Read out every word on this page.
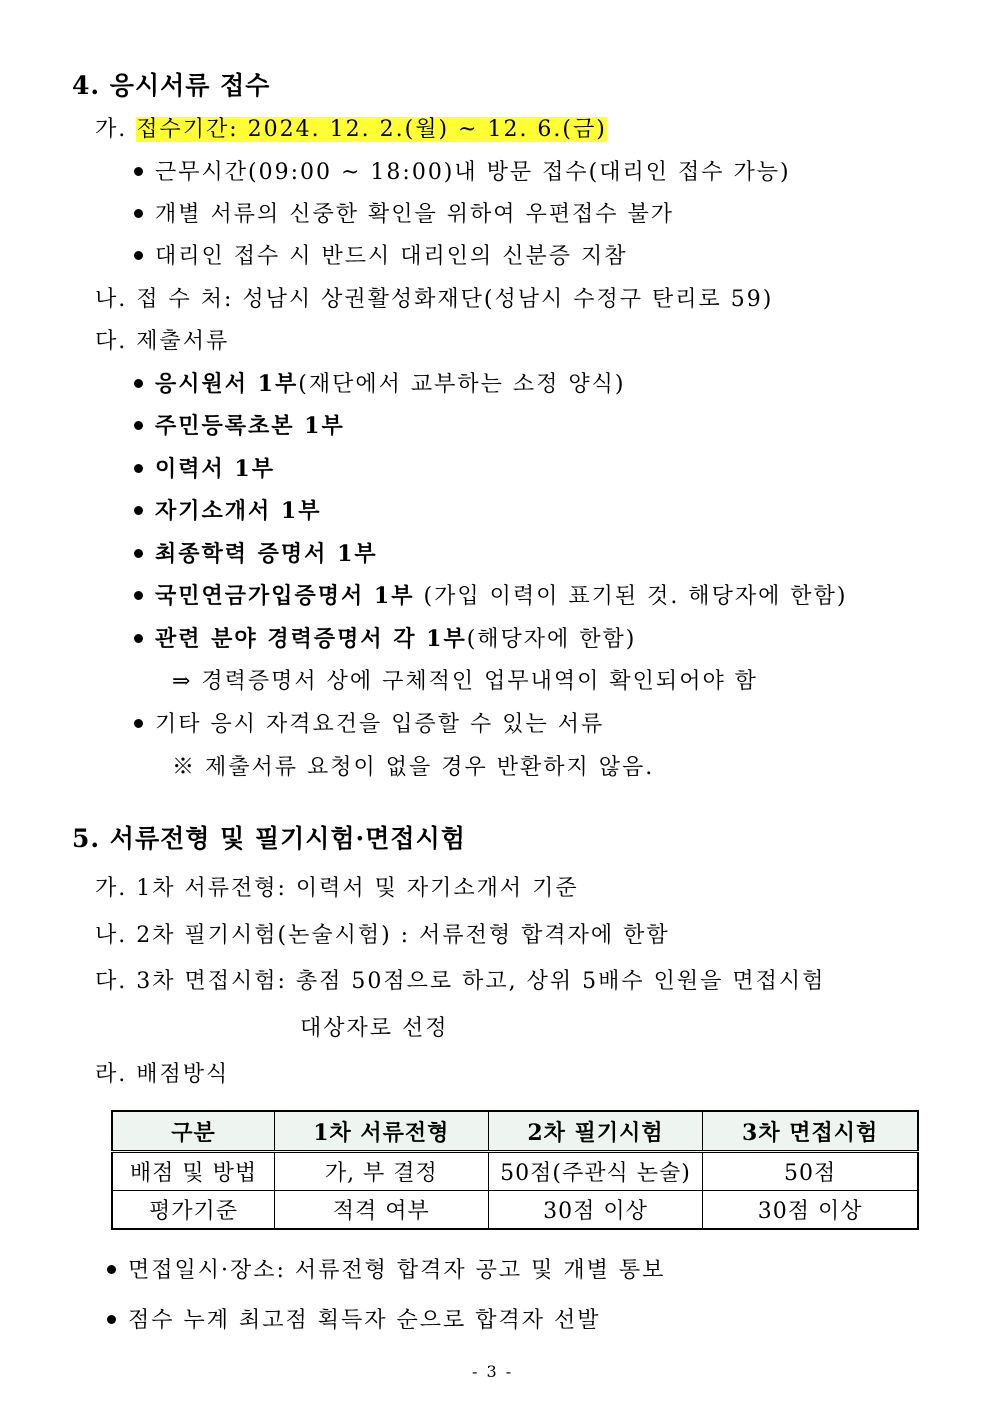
4. 응시서류 접수
가. 접수기간: 2024. 12. 2.(월) ~ 12. 6.(금)
근무시간(09:00 ~ 18:00)내 방문 접수(대리인 접수 가능)
개별 서류의 신중한 확인을 위하여 우편접수 불가
대리인 접수 시 반드시 대리인의 신분증 지참
나. 접 수 처: 성남시 상권활성화재단(성남시 수정구 탄리로 59)
다. 제출서류
응시원서 1부(재단에서 교부하는 소정 양식)
주민등록초본 1부
이력서 1부
자기소개서 1부
최종학력 증명서 1부
국민연금가입증명서 1부 (가입 이력이 표기된 것. 해당자에 한함)
관련 분야 경력증명서 각 1부(해당자에 한함)
⇒ 경력증명서 상에 구체적인 업무내역이 확인되어야 함
기타 응시 자격요건을 입증할 수 있는 서류
※ 제출서류 요청이 없을 경우 반환하지 않음.
5. 서류전형 및 필기시험·면접시험
가. 1차 서류전형: 이력서 및 자기소개서 기준
나. 2차 필기시험(논술시험) : 서류전형 합격자에 한함
다. 3차 면접시험: 총점 50점으로 하고, 상위 5배수 인원을 면접시험
대상자로 선정
라. 배점방식
구분	1차 서류전형	2차 필기시험	3차 면접시험
배점 및 방법	가, 부 결정	50점(주관식 논술)	50점
평가기준	적격 여부	30점 이상	30점 이상
면접일시·장소: 서류전형 합격자 공고 및 개별 통보
점수 누계 최고점 획득자 순으로 합격자 선발
- 3 -
